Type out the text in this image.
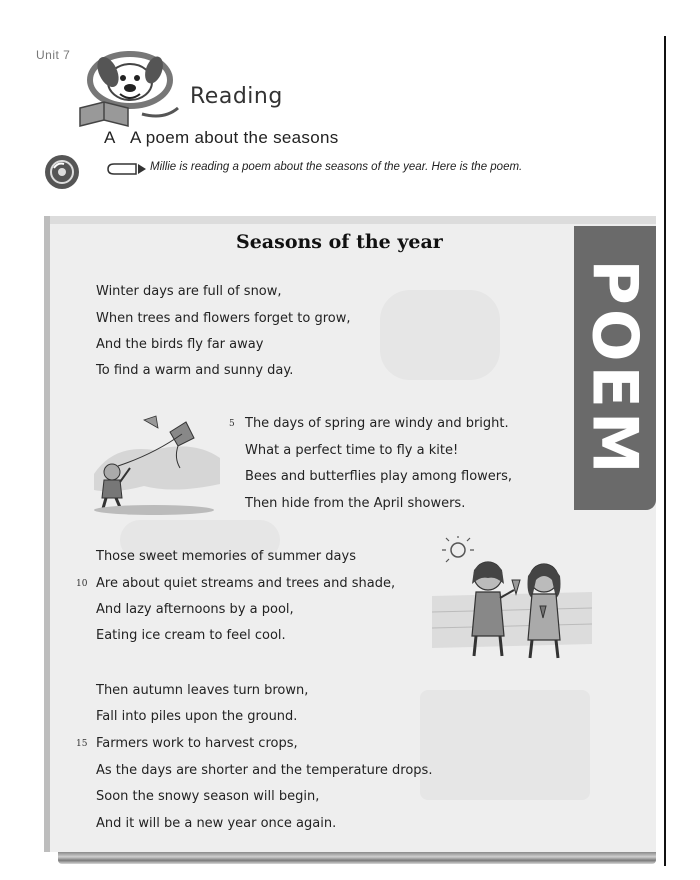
Unit 7
Reading
A A poem about the seasons
Millie is reading a poem about the seasons of the year. Here is the poem.
POEM
Seasons of the year
Winter days are full of snow,
When trees and flowers forget to grow,
And the birds fly far away
To find a warm and sunny day.
5 The days of spring are windy and bright.
What a perfect time to fly a kite!
Bees and butterflies play among flowers,
Then hide from the April showers.
Those sweet memories of summer days
10 Are about quiet streams and trees and shade,
And lazy afternoons by a pool,
Eating ice cream to feel cool.
Then autumn leaves turn brown,
Fall into piles upon the ground.
15 Farmers work to harvest crops,
As the days are shorter and the temperature drops.
Soon the snowy season will begin,
And it will be a new year once again.
